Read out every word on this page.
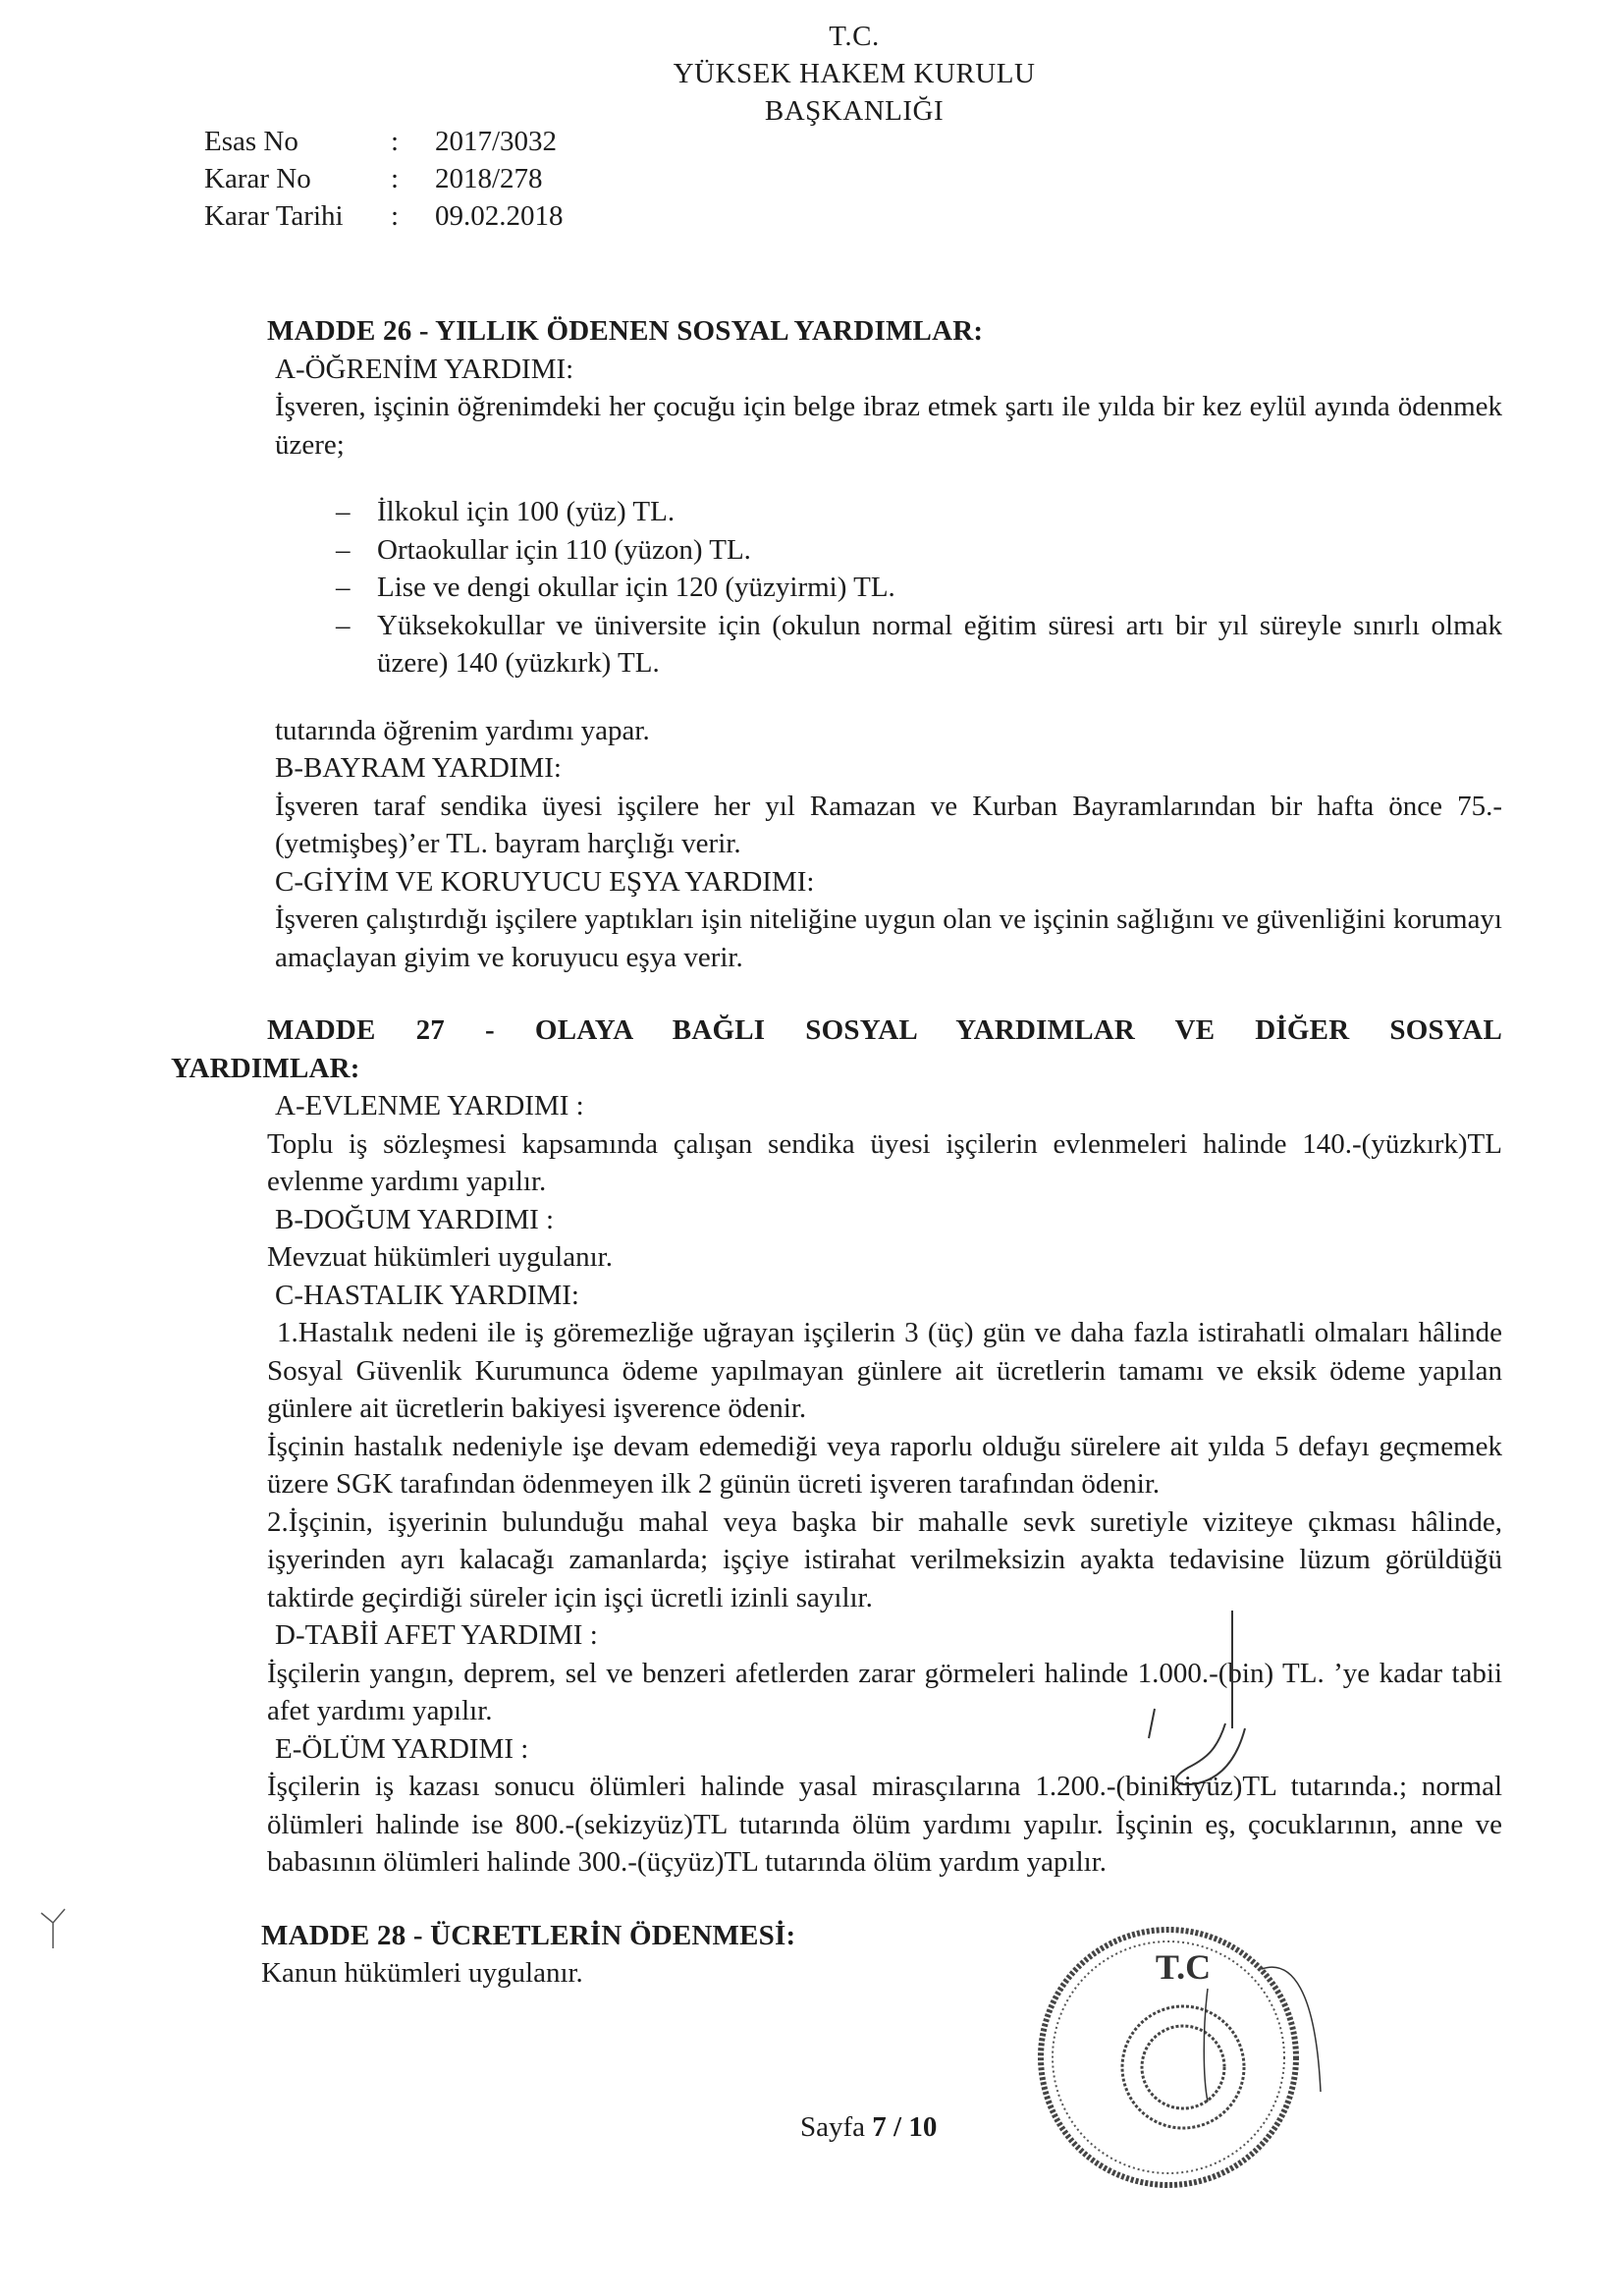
T.C.
YÜKSEK HAKEM KURULU
BAŞKANLIĞI
Esas No	:	2017/3032
Karar No	:	2018/278
Karar Tarihi	:	09.02.2018
MADDE 26 - YILLIK ÖDENEN SOSYAL YARDIMLAR:
A-ÖĞRENİM YARDIMI:
İşveren, işçinin öğrenimdeki her çocuğu için belge ibraz etmek şartı ile yılda bir kez eylül ayında ödenmek üzere;
– İlkokul için 100 (yüz) TL.
– Ortaokullar için 110 (yüzon) TL.
– Lise ve dengi okullar için 120 (yüzyirmi) TL.
– Yüksekokullar ve üniversite için (okulun normal eğitim süresi artı bir yıl süreyle sınırlı olmak üzere) 140 (yüzkırk) TL.
tutarında öğrenim yardımı yapar.
B-BAYRAM YARDIMI:
İşveren taraf sendika üyesi işçilere her yıl Ramazan ve Kurban Bayramlarından bir hafta önce 75.-(yetmişbeş)’er TL. bayram harçlığı verir.
C-GİYİM VE KORUYUCU EŞYA YARDIMI:
İşveren çalıştırdığı işçilere yaptıkları işin niteliğine uygun olan ve işçinin sağlığını ve güvenliğini korumayı amaçlayan giyim ve koruyucu eşya verir.
MADDE 27 - OLAYA BAĞLI SOSYAL YARDIMLAR VE DİĞER SOSYAL
YARDIMLAR:
A-EVLENME YARDIMI :
Toplu iş sözleşmesi kapsamında çalışan sendika üyesi işçilerin evlenmeleri halinde 140.-(yüzkırk)TL evlenme yardımı yapılır.
B-DOĞUM YARDIMI :
Mevzuat hükümleri uygulanır.
C-HASTALIK YARDIMI:
1.Hastalık nedeni ile iş göremezliğe uğrayan işçilerin 3 (üç) gün ve daha fazla istirahatli olmaları hâlinde Sosyal Güvenlik Kurumunca ödeme yapılmayan günlere ait ücretlerin tamamı ve eksik ödeme yapılan günlere ait ücretlerin bakiyesi işverence ödenir.
İşçinin hastalık nedeniyle işe devam edemediği veya raporlu olduğu sürelere ait yılda 5 defayı geçmemek üzere SGK tarafından ödenmeyen ilk 2 günün ücreti işveren tarafından ödenir.
2.İşçinin, işyerinin bulunduğu mahal veya başka bir mahalle sevk suretiyle viziteye çıkması hâlinde, işyerinden ayrı kalacağı zamanlarda; işçiye istirahat verilmeksizin ayakta tedavisine lüzum görüldüğü taktirde geçirdiği süreler için işçi ücretli izinli sayılır.
D-TABİİ AFET YARDIMI :
İşçilerin yangın, deprem, sel ve benzeri afetlerden zarar görmeleri halinde 1.000.-(bin) TL. ’ye kadar tabii afet yardımı yapılır.
E-ÖLÜM YARDIMI :
İşçilerin iş kazası sonucu ölümleri halinde yasal mirasçılarına 1.200.-(binikiyüz)TL tutarında.; normal ölümleri halinde ise 800.-(sekizyüz)TL tutarında ölüm yardımı yapılır. İşçinin eş, çocuklarının, anne ve babasının ölümleri halinde 300.-(üçyüz)TL tutarında ölüm yardım yapılır.
MADDE 28 - ÜCRETLERİN ÖDENMESİ:
Kanun hükümleri uygulanır.
Sayfa 7 / 10
T.C
